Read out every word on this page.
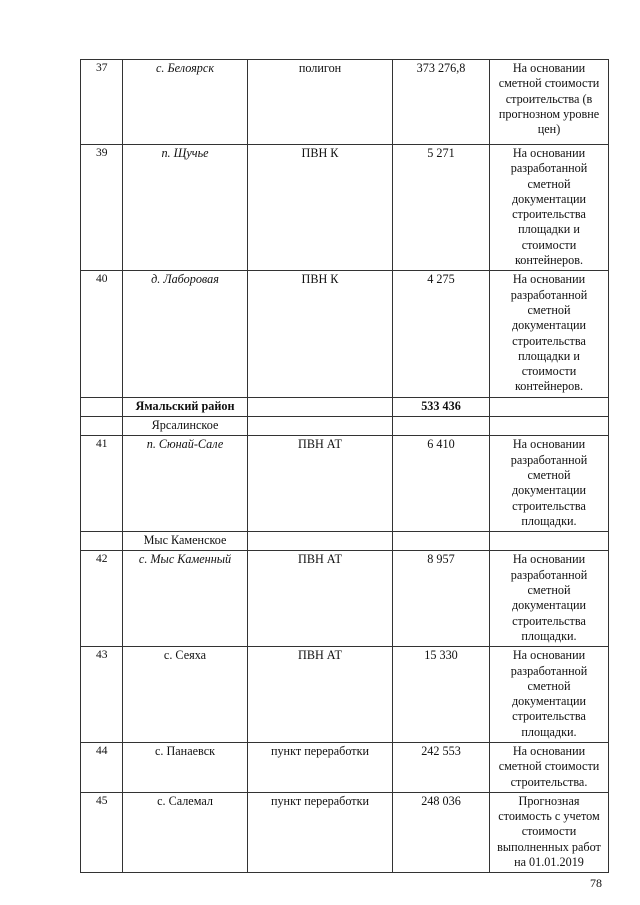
37	с. Белоярск	полигон	373 276,8	На основании сметной стоимости строительства (в прогнозном уровне цен)
39	п. Щучье	ПВН К	5 271	На основании разработанной сметной документации строительства площадки и стоимости контейнеров.
40	д. Лаборовая	ПВН К	4 275	На основании разработанной сметной документации строительства площадки и стоимости контейнеров.
	Ямальский район		533 436	
	Ярсалинское			
41	п. Сюнай-Сале	ПВН АТ	6 410	На основании разработанной сметной документации строительства площадки.
	Мыс Каменское			
42	с. Мыс Каменный	ПВН АТ	8 957	На основании разработанной сметной документации строительства площадки.
43	с. Сеяха	ПВН АТ	15 330	На основании разработанной сметной документации строительства площадки.
44	с. Панаевск	пункт переработки	242 553	На основании сметной стоимости строительства.
45	с. Салемал	пункт переработки	248 036	Прогнозная стоимость с учетом стоимости выполненных работ на 01.01.2019
78
